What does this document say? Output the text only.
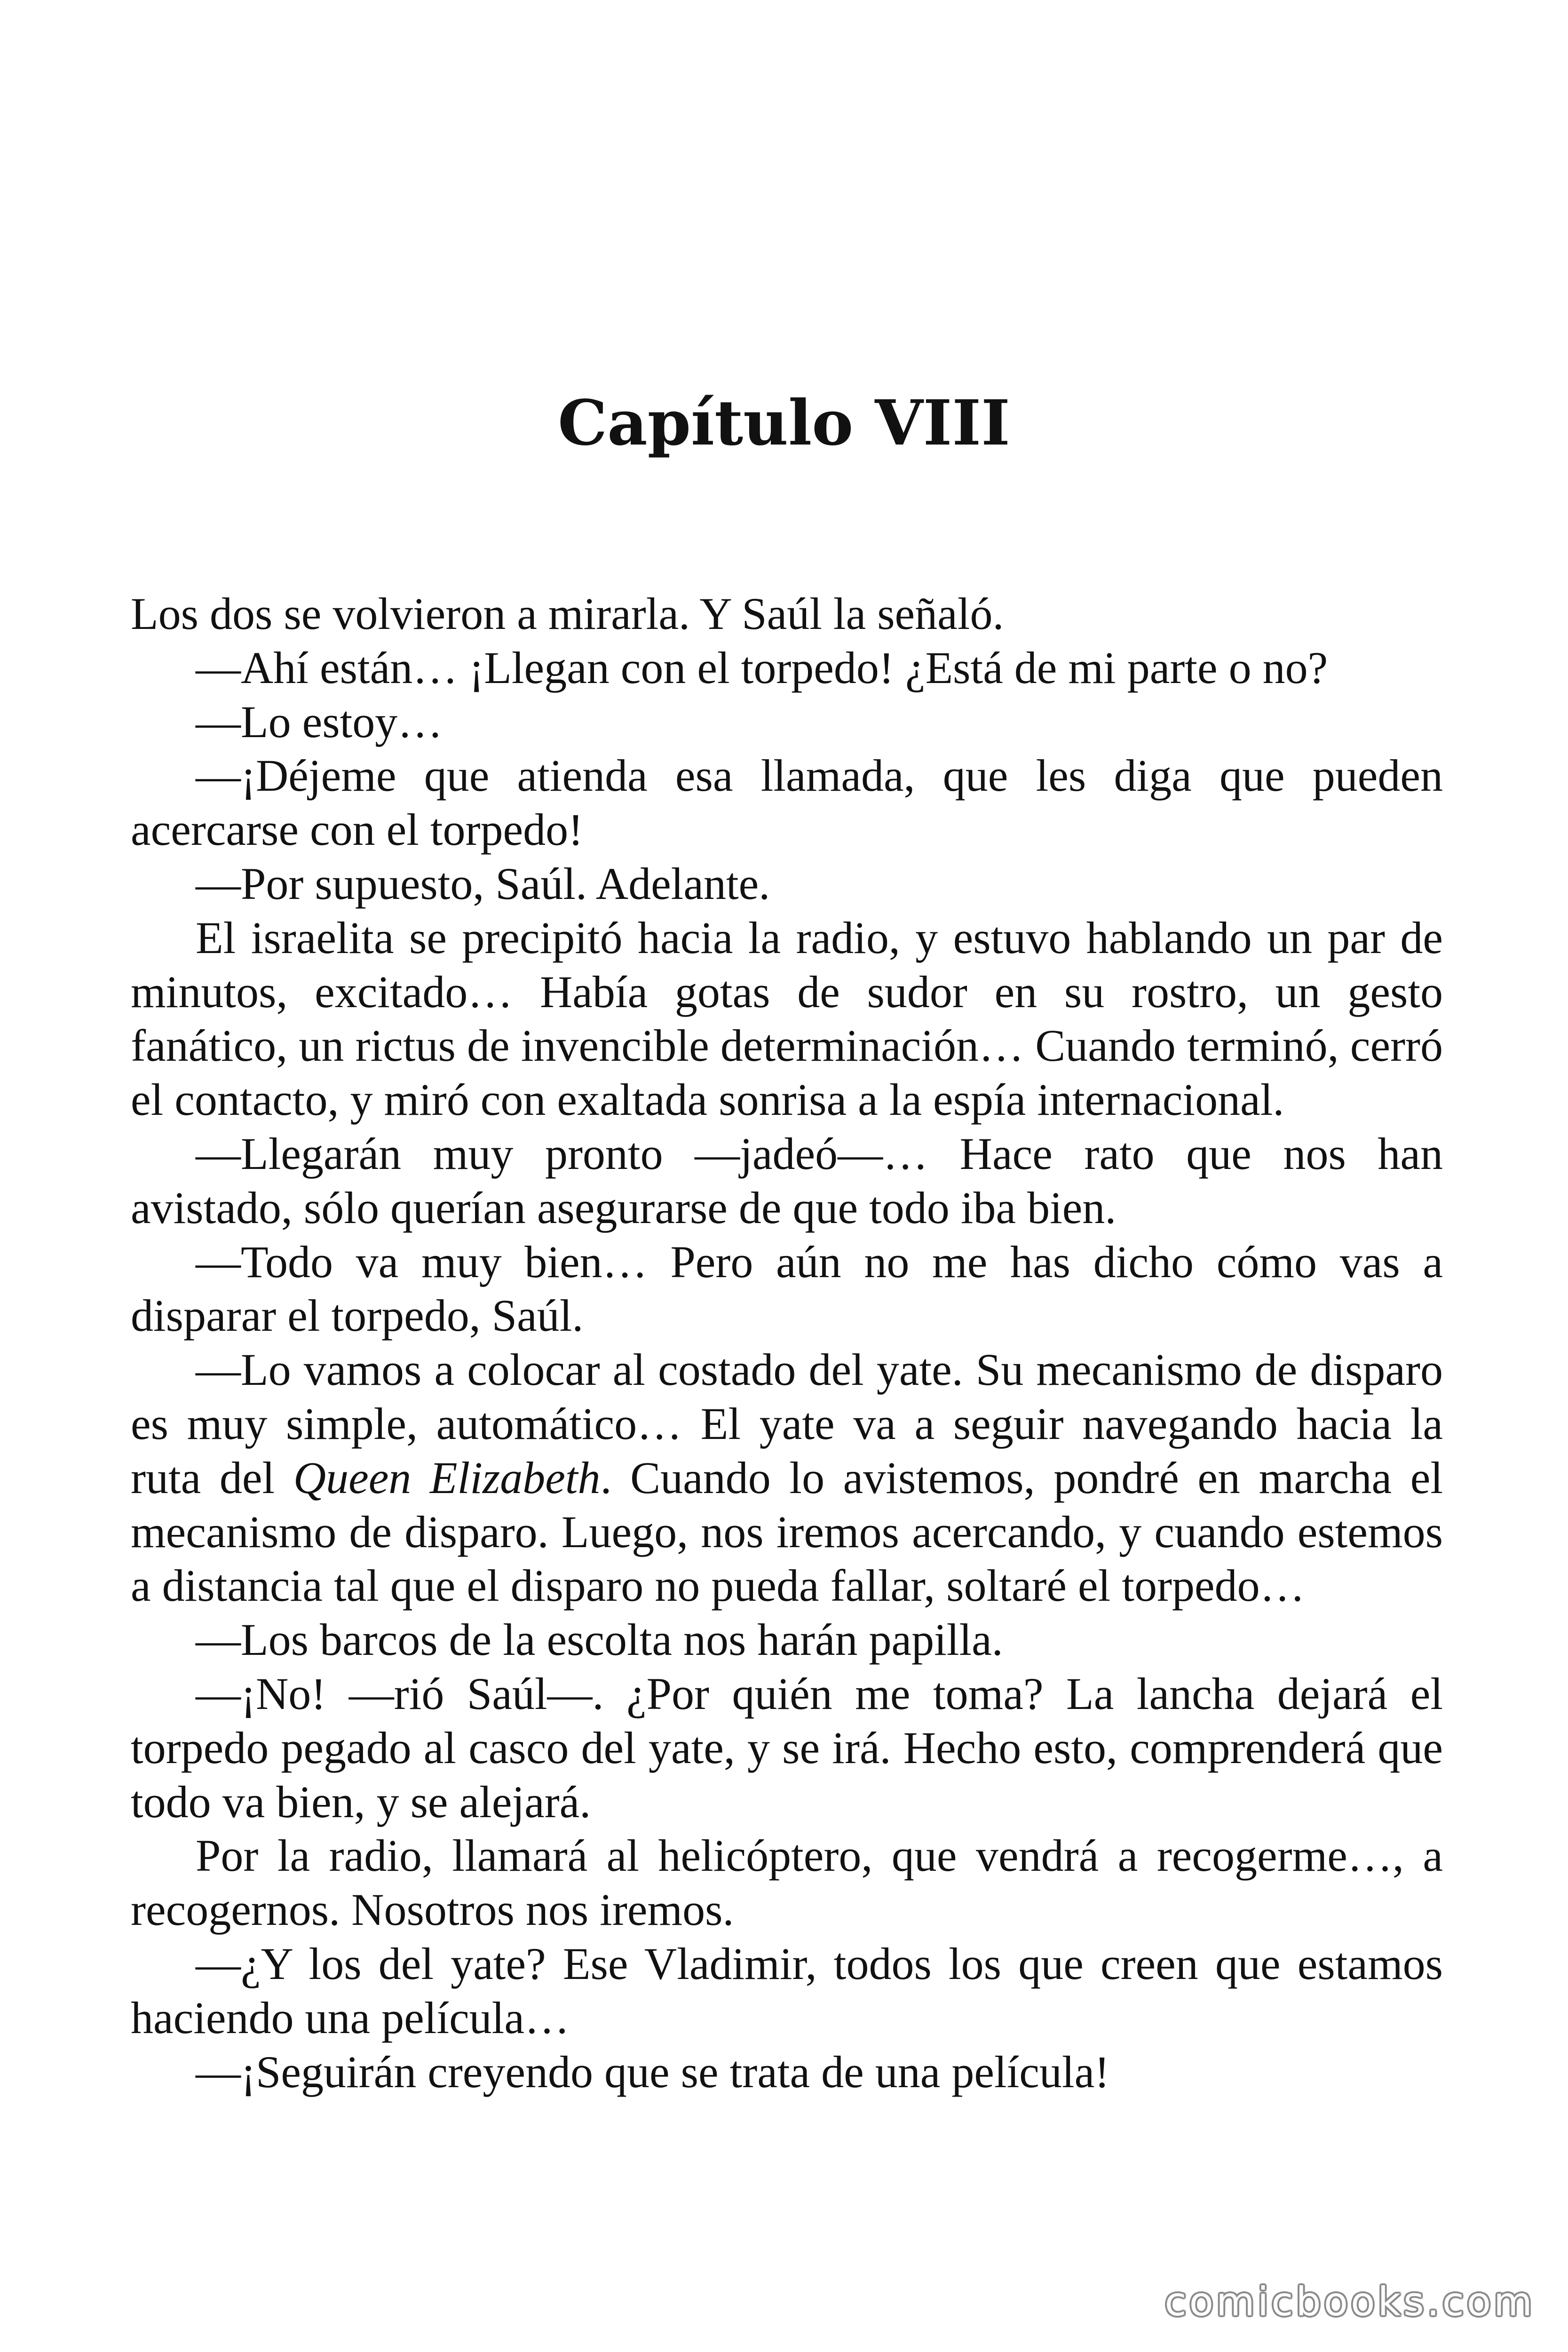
Capítulo VIII

Los dos se volvieron a mirarla. Y Saúl la señaló.

—Ahí están… ¡Llegan con el torpedo! ¿Está de mi parte o no?

—Lo estoy…

—¡Déjeme que atienda esa llamada, que les diga que pueden acercarse con el torpedo!

—Por supuesto, Saúl. Adelante.

El israelita se precipitó hacia la radio, y estuvo hablando un par de minutos, excitado… Había gotas de sudor en su rostro, un gesto fanático, un rictus de invencible determinación… Cuando terminó, cerró el contacto, y miró con exaltada sonrisa a la espía internacional.

—Llegarán muy pronto —jadeó—… Hace rato que nos han avistado, sólo querían asegurarse de que todo iba bien.

—Todo va muy bien… Pero aún no me has dicho cómo vas a disparar el torpedo, Saúl.

—Lo vamos a colocar al costado del yate. Su mecanismo de disparo es muy simple, automático… El yate va a seguir navegando hacia la ruta del Queen Elizabeth. Cuando lo avistemos, pondré en marcha el mecanismo de disparo. Luego, nos iremos acercando, y cuando estemos a distancia tal que el disparo no pueda fallar, soltaré el torpedo…

—Los barcos de la escolta nos harán papilla.

—¡No! —rió Saúl—. ¿Por quién me toma? La lancha dejará el torpedo pegado al casco del yate, y se irá. Hecho esto, comprenderá que todo va bien, y se alejará.

Por la radio, llamará al helicóptero, que vendrá a recogerme…, a recogernos. Nosotros nos iremos.

—¿Y los del yate? Ese Vladimir, todos los que creen que estamos haciendo una película…

—¡Seguirán creyendo que se trata de una película!

comicbooks.com
